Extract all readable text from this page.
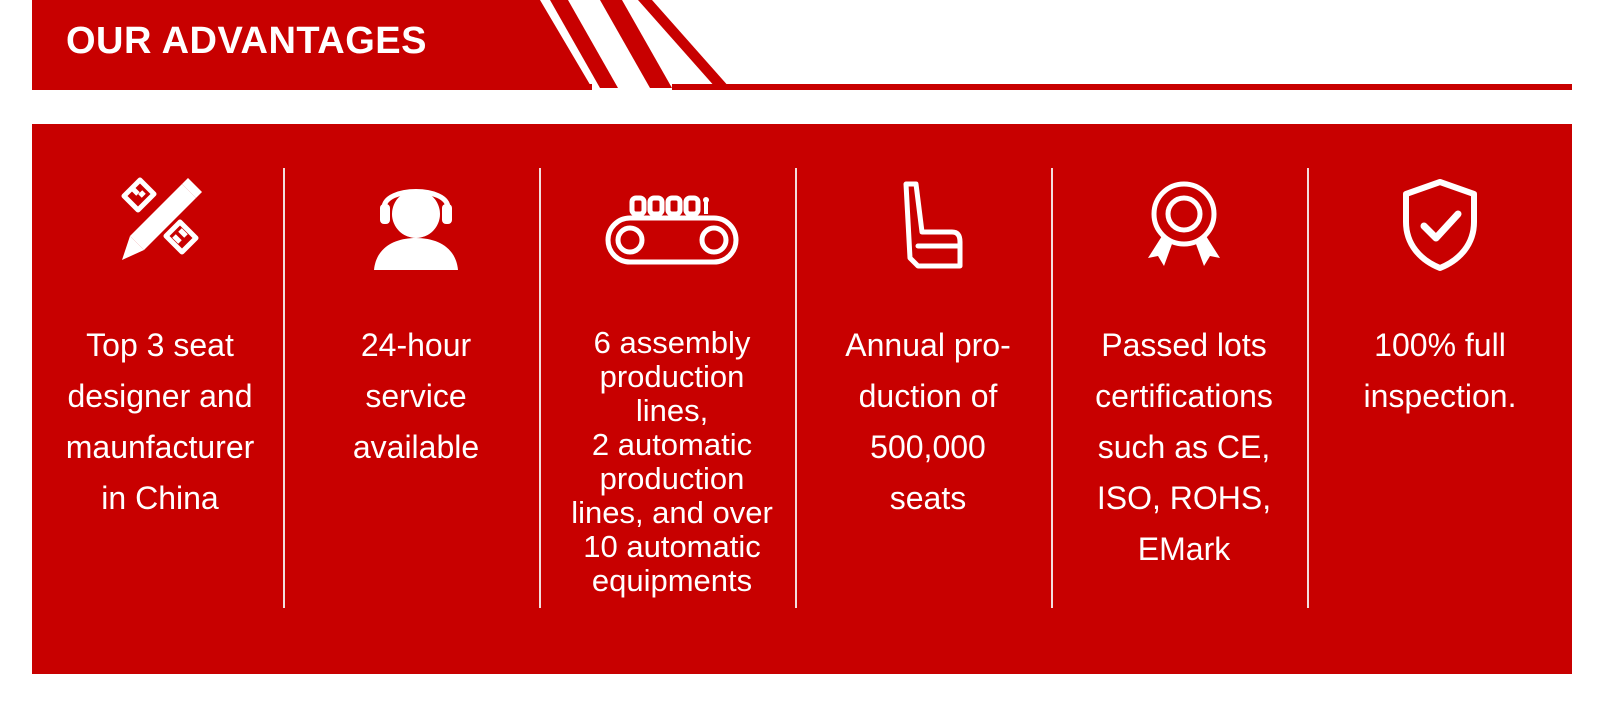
OUR ADVANTAGES
Top 3 seat
designer and
maunfacturer
in China
24-hour
service
available
6 assembly
production
lines,
2 automatic
production
lines, and over
10 automatic
equipments
Annual pro-
duction of
500,000
seats
Passed lots
certifications
such as CE,
ISO, ROHS,
EMark
100% full
inspection.
